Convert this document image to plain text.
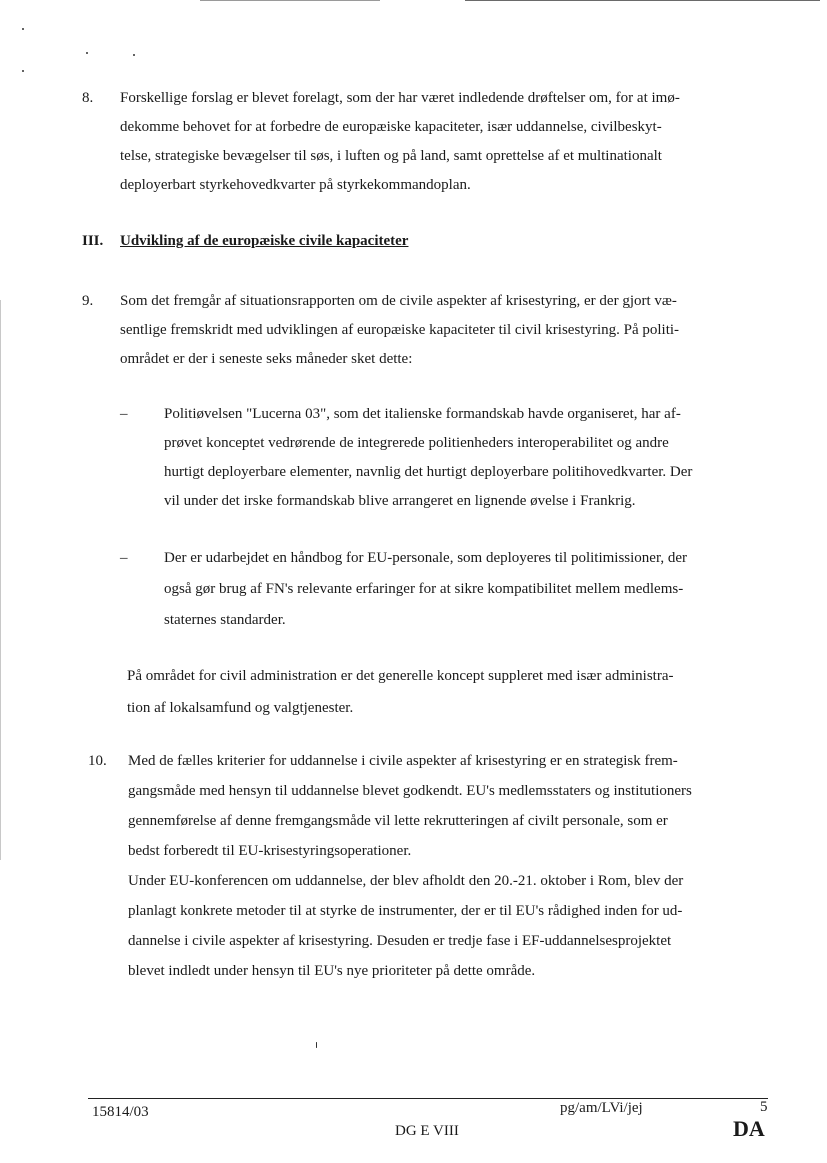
8. Forskellige forslag er blevet forelagt, som der har været indledende drøftelser om, for at imø-
dekomme behovet for at forbedre de europæiske kapaciteter, især uddannelse, civilbeskyt-
telse, strategiske bevægelser til søs, i luften og på land, samt oprettelse af et multinationalt
deployerbart styrkehovedkvarter på styrkekommandoplan.
III. Udvikling af de europæiske civile kapaciteter
9. Som det fremgår af situationsrapporten om de civile aspekter af krisestyring, er der gjort væ-
sentlige fremskridt med udviklingen af europæiske kapaciteter til civil krisestyring. På politi-
området er der i seneste seks måneder sket dette:
– Politiøvelsen "Lucerna 03", som det italienske formandskab havde organiseret, har af-
prøvet konceptet vedrørende de integrerede politienheders interoperabilitet og andre
hurtigt deployerbare elementer, navnlig det hurtigt deployerbare politihovedkvarter. Der
vil under det irske formandskab blive arrangeret en lignende øvelse i Frankrig.
– Der er udarbejdet en håndbog for EU-personale, som deployeres til politimissioner, der
også gør brug af FN's relevante erfaringer for at sikre kompatibilitet mellem medlems-
staternes standarder.
På området for civil administration er det generelle koncept suppleret med især administra-
tion af lokalsamfund og valgtjenester.
10. Med de fælles kriterier for uddannelse i civile aspekter af krisestyring er en strategisk frem-
gangsmåde med hensyn til uddannelse blevet godkendt. EU's medlemsstaters og institutioners
gennemførelse af denne fremgangsmåde vil lette rekrutteringen af civilt personale, som er
bedst forberedt til EU-krisestyringsoperationer.
Under EU-konferencen om uddannelse, der blev afholdt den 20.-21. oktober i Rom, blev der
planlagt konkrete metoder til at styrke de instrumenter, der er til EU's rådighed inden for ud-
dannelse i civile aspekter af krisestyring. Desuden er tredje fase i EF-uddannelsesprojektet
blevet indledt under hensyn til EU's nye prioriteter på dette område.
15814/03	pg/am/LVi/jej	5
DG E VIII	DA
